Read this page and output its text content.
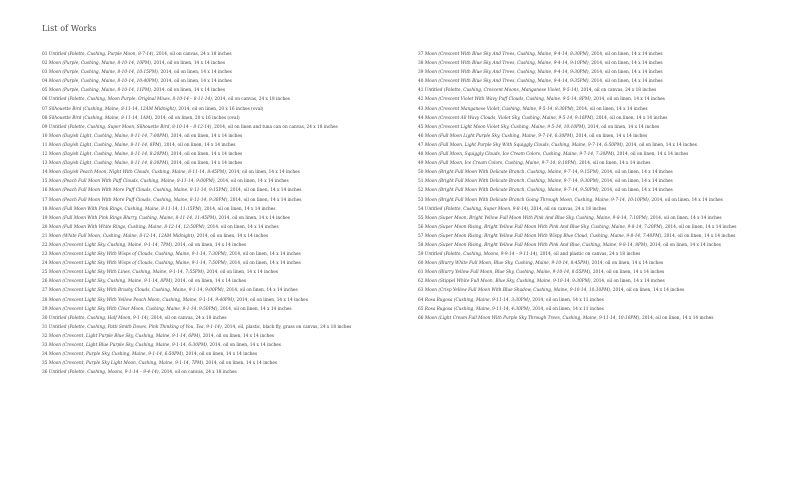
List of Works
01 Untitled (Palette, Cushing, Purple Moon, 8-7-14), 2014, oil on canvas, 24 x 18 inches
02 Moon (Purple, Cushing, Maine, 8-10-14, 10PM), 2014, oil on linen, 14 x 14 inches
03 Moon (Purple, Cushing, Maine, 8-10-14, 10:15PM), 2014, oil on linen, 14 x 14 inches
04 Moon (Purple, Cushing, Maine, 8-10-14, 10:40PM), 2014, oil on linen, 14 x 14 inches
05 Moon (Purple, Cushing, Maine, 8-10-14, 11PM), 2014, oil on linen, 14 x 14 inches
06 Untitled (Palette, Cushing, Moon Purple, Original Mixes, 8-10-14 – 8-11-14), 2014, oil on canvas, 24 x 18 inches
07 Silhouette Bird (Cushing, Maine, 8-11-14, 12AM Midnight), 2014, oil on linen, 20 x 16 inches (oval)
08 Silhouette Bird (Cushing, Maine, 8-11-14, 1AM), 2014, oil on linen, 20 x 16 inches (oval)
09 Untitled (Palette, Cushing, Super Moon, Silhouette Bird, 8-10-14 – 8-12-14), 2014, oil on linen and tuna can on canvas, 24 x 18 inches
10 Moon (Dayish Light, Cushing, Maine, 8-11-14, 7:00PM), 2014, oil on linen, 14 x 14 inches
11 Moon (Dayish Light, Cushing, Maine, 8-11-14, 8PM), 2014, oil on linen, 14 x 14 inches
12 Moon (Dayish Light, Cushing, Maine, 8-11-14, 8:20PM), 2014, oil on linen, 14 x 14 inches
13 Moon (Dayish Light, Cushing, Maine, 8-11-14, 8:30PM), 2014, oil on linen, 14 x 14 inches
14 Moon (Dayish Peach Moon, Night With Clouds, Cushing, Maine, 8-11-14, 8:45PM), 2014, oil on linen, 14 x 14 inches
15 Moon (Peach Full Moon With Puff Clouds, Cushing, Maine, 8-11-14, 9:00PM), 2014, oil on linen, 14 x 14 inches
16 Moon (Peach Full Moon With More Puff Clouds, Cushing, Maine, 8-11-14, 9:15PM), 2014, oil on linen, 14 x 14 inches
17 Moon (Peach Full Moon With More Puff Clouds, Cushing, Maine, 8-11-14, 9:30PM), 2014, oil on linen, 14 x 14 inches
18 Moon (Full Moon With Pink Rings, Cushing, Maine, 8-11-14, 11:15PM), 2014, oil on linen, 14 x 14 inches
19 Moon (Full Moon With Pink Rings Blurry, Cushing, Maine, 8-11-14, 11:45PM), 2014, oil on linen, 14 x 14 inches
20 Moon (Full Moon With White Rings, Cushing, Maine, 8-12-14, 12:50PM), 2014, oil on linen, 14 x 14 inches
21 Moon (White Full Moon, Cushing, Maine, 8-12-14, 12AM Midnight), 2014, oil on linen, 14 x 14 inches
22 Moon (Crescent Light Sky, Cushing, Maine, 9-1-14, 7PM), 2014, oil on linen, 14 x 14 inches
23 Moon (Crescent Light Sky With Wisps of Clouds, Cushing, Maine, 9-1-14, 7:30PM), 2014, oil on linen, 14 x 14 inches
24 Moon (Crescent Light Sky With Wisps of Clouds, Cushing, Maine, 9-1-14, 7:50PM), 2014, oil on linen, 14 x 14 inches
25 Moon (Crescent Light Sky With Lines, Cushing, Maine, 9-1-14, 7:55PM), 2014, oil on linen, 14 x 14 inches
26 Moon (Crescent Light Sky, Cushing, Maine, 9-1-14, 8PM), 2014, oil on linen, 14 x 14 inches
27 Moon (Crescent Light Sky With Brushy Clouds, Cushing, Maine, 9-1-14, 9:00PM), 2014, oil on linen, 14 x 14 inches
28 Moon (Crescent Light Sky With Yellow Peach Moon, Cushing, Maine, 9-1-14, 9:40PM), 2014, oil on linen, 14 x 14 inches
29 Moon (Crescent Light Sky With Clear Moon, Cushing, Maine, 9-1-14, 9:50PM), 2014, oil on linen, 14 x 14 inches
30 Untitled (Palette, Cushing, Half Moon, 9-1-14), 2014, oil on canvas, 24 x 18 inches
31 Untitled (Palette, Cushing, Patti Smith Doves, Pink Thinking of You, Tea, 9-1-14), 2014, oil, plastic, black fly, grass on canvas, 24 x 18 inches
32 Moon (Crescent, Light Purple Blue Sky, Cushing, Maine, 9-1-14, 6PM), 2014, oil on linen, 14 x 14 inches
33 Moon (Crescent, Light Blue Purple Sky, Cushing, Maine, 9-1-14, 6:30PM), 2014, oil on linen, 14 x 14 inches
34 Moon (Crescent, Purple Sky, Cushing, Maine, 9-1-14, 6:50PM), 2014, oil on linen, 14 x 14 inches
35 Moon (Crescent, Purple Sky Light Moon, Cushing, Maine, 9-1-14, 7PM), 2014, oil on linen, 14 x 14 inches
36 Untitled (Palette, Cushing, Moons, 9-1-14 – 9-4-14), 2014, oil on canvas, 24 x 18 inches
37 Moon (Crescent With Blue Sky And Trees, Cushing, Maine, 9-4-14, 8:30PM), 2014, oil on linen, 14 x 14 inches
38 Moon (Crescent With Blue Sky And Trees, Cushing, Maine, 9-4-14, 9:10PM), 2014, oil on linen, 14 x 14 inches
39 Moon (Crescent With Blue Sky And Trees, Cushing, Maine, 9-4-14, 9:30PM), 2014, oil on linen, 14 x 14 inches
40 Moon (Crescent With Blue Sky And Trees, Cushing, Maine, 9-4-14, 9:35PM), 2014, oil on linen, 14 x 14 inches
41 Untitled (Palette, Cushing, Crescent Moons, Manganese Violet, 9-5-14), 2014, oil on canvas, 24 x 18 inches
42 Moon (Crescent Violet With Wavy Puff Clouds, Cushing, Maine, 9-5-14, 8PM), 2014, oil on linen, 14 x 14 inches
43 Moon (Crescent Manganese Violet, Cushing, Maine, 9-5-14, 8:30PM), 2014, oil on linen, 14 x 14 inches
44 Moon (Crescent All Wavy Clouds, Violet Sky, Cushing, Maine, 9-5-14, 9:10PM), 2014, oil on linen, 14 x 14 inches
45 Moon (Crescent Light Moon Violet Sky, Cushing, Maine, 9-5-14, 10:10PM), 2014, oil on linen, 14 x 14 inches
46 Moon (Full Moon Light Purple Sky, Cushing, Maine, 9-7-14, 6:30PM), 2014, oil on linen, 14 x 14 inches
47 Moon (Full Moon, Light Purple Sky With Squiggly Clouds, Cushing, Maine, 9-7-14, 6:50PM), 2014, oil on linen, 14 x 14 inches
48 Moon (Full Moon, Squiggly Clouds, Ice Cream Colors, Cushing, Maine, 9-7-14, 7:30PM), 2014, oil on linen, 14 x 14 inches
49 Moon (Full Moon, Ice Cream Colors, Cushing, Maine, 9-7-14, 8:10PM), 2014, oil on linen, 14 x 14 inches
50 Moon (Bright Full Moon With Delicate Branch, Cushing, Maine, 9-7-14, 9:15PM), 2014, oil on linen, 14 x 14 inches
51 Moon (Bright Full Moon With Delicate Branch, Cushing, Maine, 9-7-14, 9:30PM), 2014, oil on linen, 14 x 14 inches
52 Moon (Bright Full Moon With Delicate Branch, Cushing, Maine, 9-7-14, 9:50PM), 2014, oil on linen, 14 x 14 inches
53 Moon (Bright Full Moon With Delicate Branch Going Through Moon, Cushing, Maine, 9-7-14, 10:10PM), 2014, oil on linen, 14 x 14 inches
54 Untitled (Palette, Cushing, Super Moon, 9-8-14), 2014, oil on canvas, 24 x 18 inches
55 Moon (Super Moon, Bright Yellow Full Moon With Pink And Blue Sky, Cushing, Maine, 9-8-14, 7:10PM), 2014, oil on linen, 14 x 14 inches
56 Moon (Super Moon Rising, Bright Yellow Full Moon With Pink And Blue Sky, Cushing, Maine, 9-8-14, 7:20PM), 2014, oil on linen, 14 x 14 inches
57 Moon (Super Moon Rising, Bright Yellow Full Moon With Wispy Blue Cloud, Cushing, Maine, 9-8-14, 7:40PM), 2014, oil on linen, 14 x 14 inches
58 Moon (Super Moon Rising, Bright Yellow Full Moon With Pink And Blue, Cushing, Maine, 9-8-14, 8PM), 2014, oil on linen, 14 x 14 inches
59 Untitled (Palette, Cushing, Moons, 9-9-14 – 9-11-14), 2014, oil and plastic on canvas, 24 x 18 inches
60 Moon (Blurry White Full Moon, Blue Sky, Cushing, Maine, 9-10-14, 8:45PM), 2014, oil on linen, 14 x 14 inches
61 Moon (Blurry Yellow Full Moon, Blue Sky, Cushing, Maine, 9-10-14, 8:55PM), 2014, oil on linen, 14 x 14 inches
62 Moon (Stippel White Full Moon, Blue Sky, Cushing, Maine, 9-10-14, 9:30PM), 2014, oil on linen, 14 x 14 inches
63 Moon (Crisp Yellow Full Moon With Blue Shadow, Cushing, Maine, 9-10-14, 10:10PM), 2014, oil on linen, 14 x 14 inches
64 Rosa Rugosa (Cushing, Maine, 9-11-14, 3:30PM), 2014, oil on linen, 14 x 11 inches
65 Rosa Rugosa (Cushing, Maine, 9-11-14, 4:30PM), 2014, oil on linen, 14 x 11 inches
66 Moon (Light Cream Full Moon With Purple Sky Through Trees, Cushing, Maine, 9-11-14, 10:10PM), 2014, oil on linen, 14 x 14 inches
